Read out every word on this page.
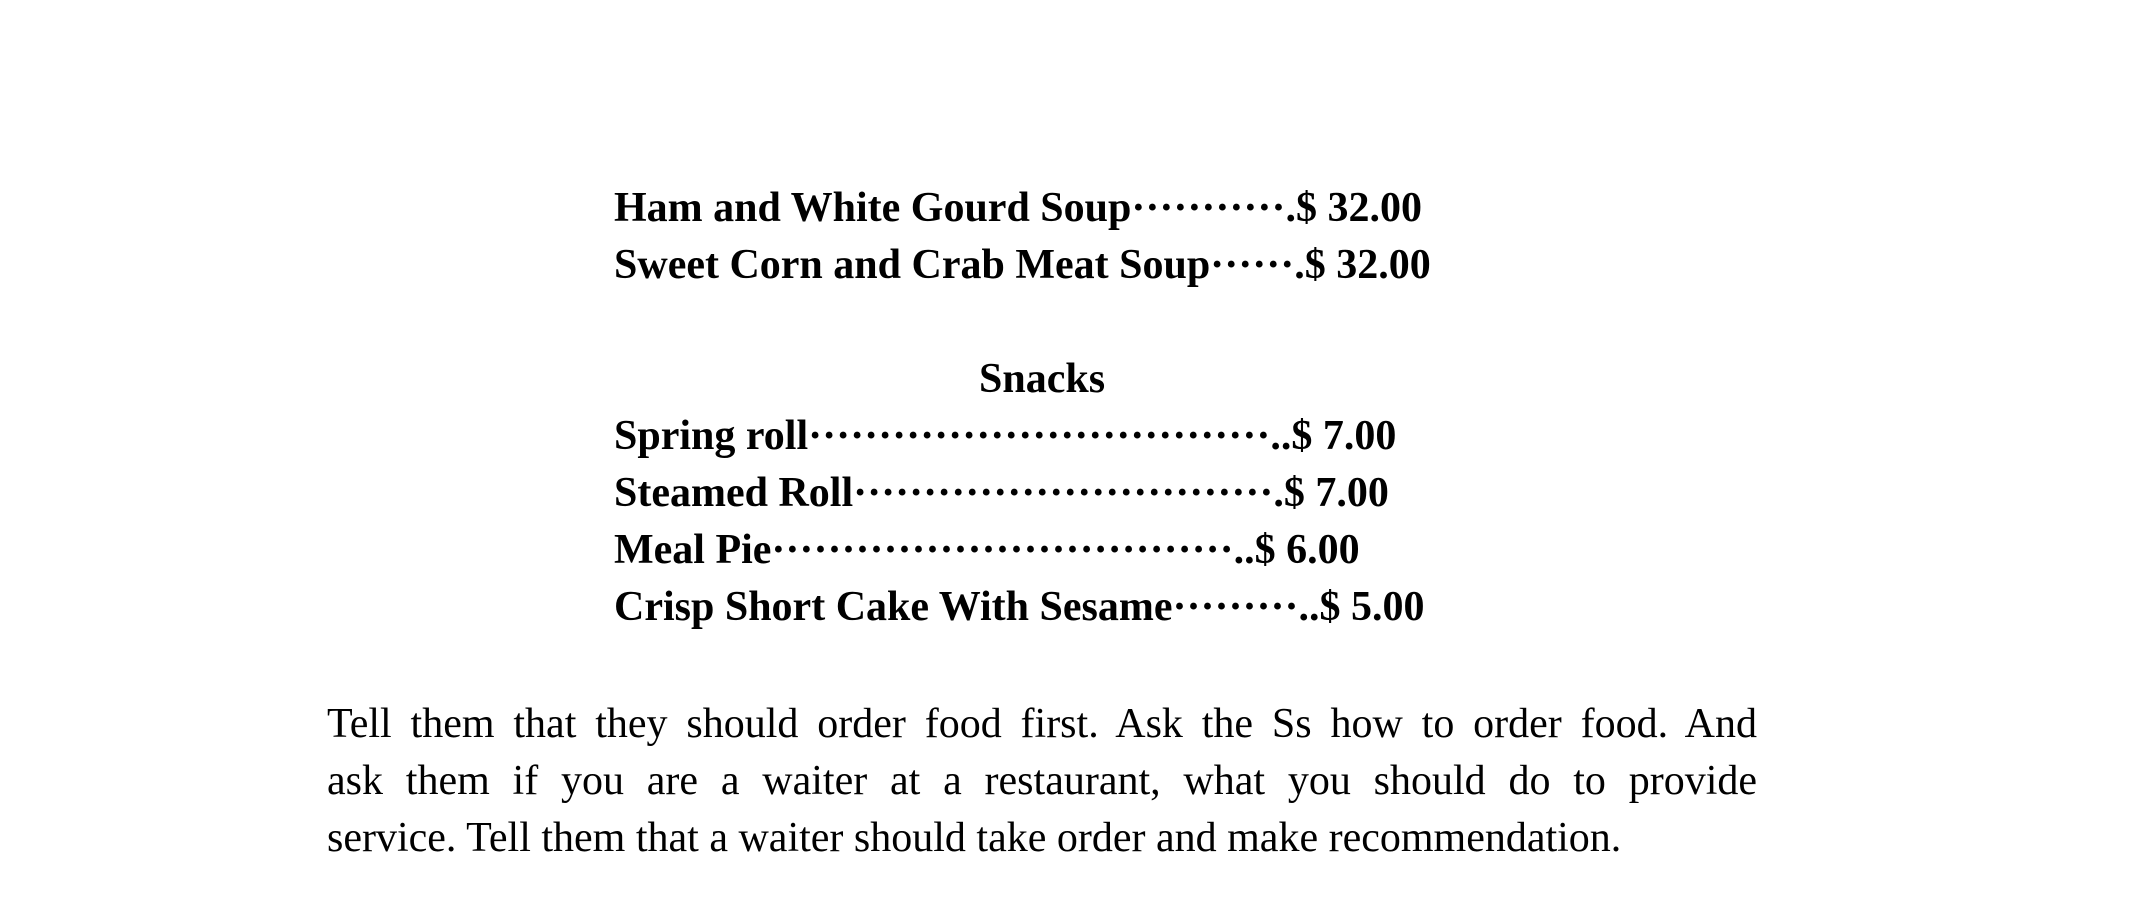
Ham and White Gourd Soup···········.$ 32.00
Sweet Corn and Crab Meat Soup······.$ 32.00
Snacks
Spring roll·································..$ 7.00
Steamed Roll······························.$ 7.00
Meal Pie·································..$ 6.00
Crisp Short Cake With Sesame·········..$ 5.00
Tell them that they should order food first. Ask the Ss how to order food. And
ask them if you are a waiter at a restaurant, what you should do to provide
service. Tell them that a waiter should take order and make recommendation.
